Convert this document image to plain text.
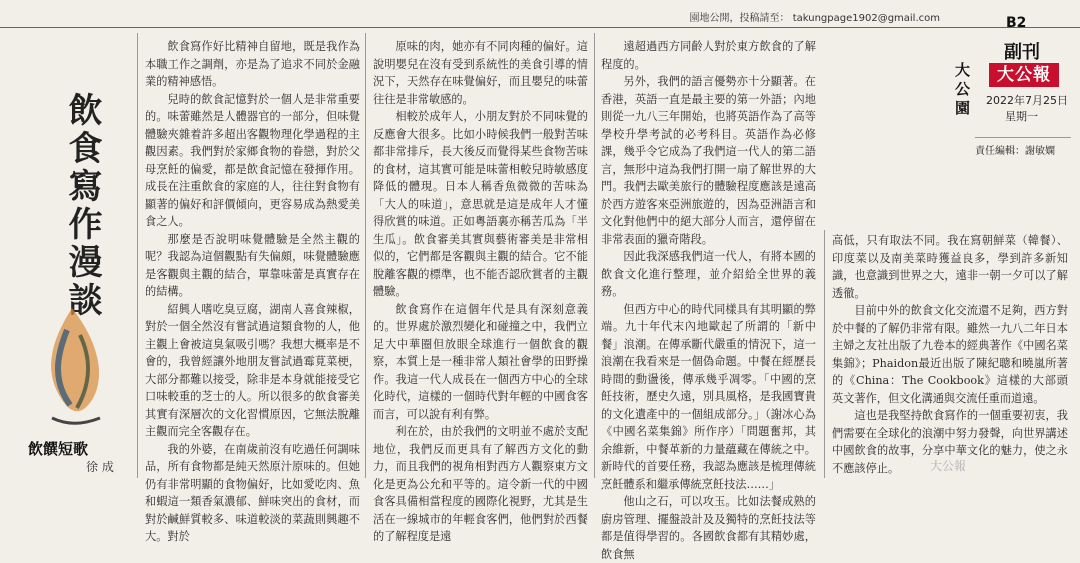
園地公開，投稿請至： takungpage1902@gmail.com
飲食寫作漫談
飲饌短歌
徐 成

飲食寫作好比精神自留地，既是我作為本職工作之調劑，亦是為了追求不同於金融業的精神感悟。

兒時的飲食記憶對於一個人是非常重要的。味蕾雖然是人體器官的一部分，但味覺體驗夾雜着許多超出客觀物理化學過程的主觀因素。我們對於家鄉食物的眷戀，對於父母烹飪的偏愛，都是飲食記憶在發揮作用。成長在注重飲食的家庭的人，往往對食物有顯著的偏好和評價傾向，更容易成為熱愛美食之人。

那麼是否說明味覺體驗是全然主觀的呢？我認為這個觀點有失偏頗，味覺體驗應是客觀與主觀的結合，單靠味蕾是真實存在的結構。

紹興人嗜吃臭豆腐，湖南人喜食辣椒，對於一個全然沒有嘗試過這類食物的人，他主觀上會被這臭氣吸引嗎？我想大概率是不會的，我曾經讓外地朋友嘗試過霉莧菜梗，大部分都難以接受，除非是本身就能接受它口味較重的芝士的人。所以很多的飲食審美其實有深層次的文化習慣原因，它無法脫離主觀而完全客觀存在。

我的外婆，在南歲前沒有吃過任何調味品，所有食物都是純天然原汁原味的。但她仍有非常明顯的食物偏好，比如愛吃肉、魚和蝦這一類香氣濃郁、鮮味突出的食材，而對於鹹鮮質較多、味道較淡的菜蔬則興趣不大。對於

原味的肉，她亦有不同肉種的偏好。這說明嬰兒在沒有受到系統性的美食引導的情況下，天然存在味覺偏好，而且嬰兒的味蕾往往是非常敏感的。

相較於成年人，小朋友對於不同味覺的反應會大很多。比如小時候我們一般對苦味都非常排斥，長大後反而覺得某些食物苦味的食材，這其實可能是味蕾相較兒時敏感度降低的體現。日本人稱香魚微微的苦味為「大人的味道」，意思就是這是成年人才懂得欣賞的味道。正如粵語裏亦稱苦瓜為「半生瓜」。飲食審美其實與藝術審美是非常相似的，它們都是客觀與主觀的結合。它不能脫離客觀的標準，也不能否認欣賞者的主觀體驗。

飲食寫作在這個年代是具有深刻意義的。世界處於激烈變化和碰撞之中，我們立足大中華圈但放眼全球進行一個飲食的觀察，本質上是一種非常人類社會學的田野操作。我這一代人成長在一個西方中心的全球化時代，這樣的一個時代對年輕的中國食客而言，可以說有利有弊。

利在於，由於我們的文明並不處於支配地位，我們反而更具有了解西方文化的動力，而且我們的視角相對西方人觀察東方文化是更為公允和平等的。這令新一代的中國食客具備相當程度的國際化視野，尤其是生活在一線城市的年輕食客們，他們對於西餐的了解程度是遠

遠超過西方同齡人對於東方飲食的了解程度的。

另外，我們的語言優勢亦十分顯著。在香港，英語一直是最主要的第一外語；內地則從一九八三年開始，也將英語作為了高等學校升學考試的必考科目。英語作為必修課，幾乎令它成為了我們這一代人的第二語言，無形中這為我們打開一扇了解世界的大門。我們去歐美旅行的體驗程度應該是遠高於西方遊客來亞洲旅遊的，因為亞洲語言和文化對他們中的絕大部分人而言，還停留在非常表面的獵奇階段。

因此我深感我們這一代人，有將本國的飲食文化進行整理，並介紹給全世界的義務。

但西方中心的時代同樣具有其明顯的弊端。九十年代末內地歐起了所謂的「新中餐」浪潮。在傳承斷代嚴重的情況下，這一浪潮在我看來是一個偽命題。中餐在經歷長時間的動盪後，傳承幾乎凋零。「中國的烹飪技術，歷史久遠，別具風格，是我國寶貴的文化遺產中的一個組成部分。」（謝冰心為《中國名菜集錦》所作序）「問題奮邦，其余維新，中餐革新的力量蘊藏在傳統之中。新時代的首要任務，我認為應該是梳理傳統烹飪體系和繼承傳統烹飪技法……」

他山之石，可以攻玉。比如法餐成熟的廚房管理、擺盤設計及及獨特的烹飪技法等都是值得學習的。各國飲食都有其精妙處，飲食無

高低，只有取法不同。我在寫朝鮮菜（韓餐）、印度菜以及南美菜時獲益良多，學到許多新知識，也意識到世界之大，遠非一朝一夕可以了解透徹。

目前中外的飲食文化交流還不足夠，西方對於中餐的了解仍非常有限。雖然一九八二年日本主婦之友社出版了九卷本的經典著作《中國名菜集錦》；Phaidon最近出版了陳紀聰和曉嵐所著的《China：The Cookbook》這樣的大部頭英文著作，但文化溝通與交流任重而道遠。

這也是我堅持飲食寫作的一個重要初衷，我們需要在全球化的浪潮中努力發聲，向世界講述中國飲食的故事，分享中華文化的魅力，使之永不應該停止。

B2
副刊
大公園	大公報
2022年7月25日
星期一
責任編輯：謝敏嫻
大公報
